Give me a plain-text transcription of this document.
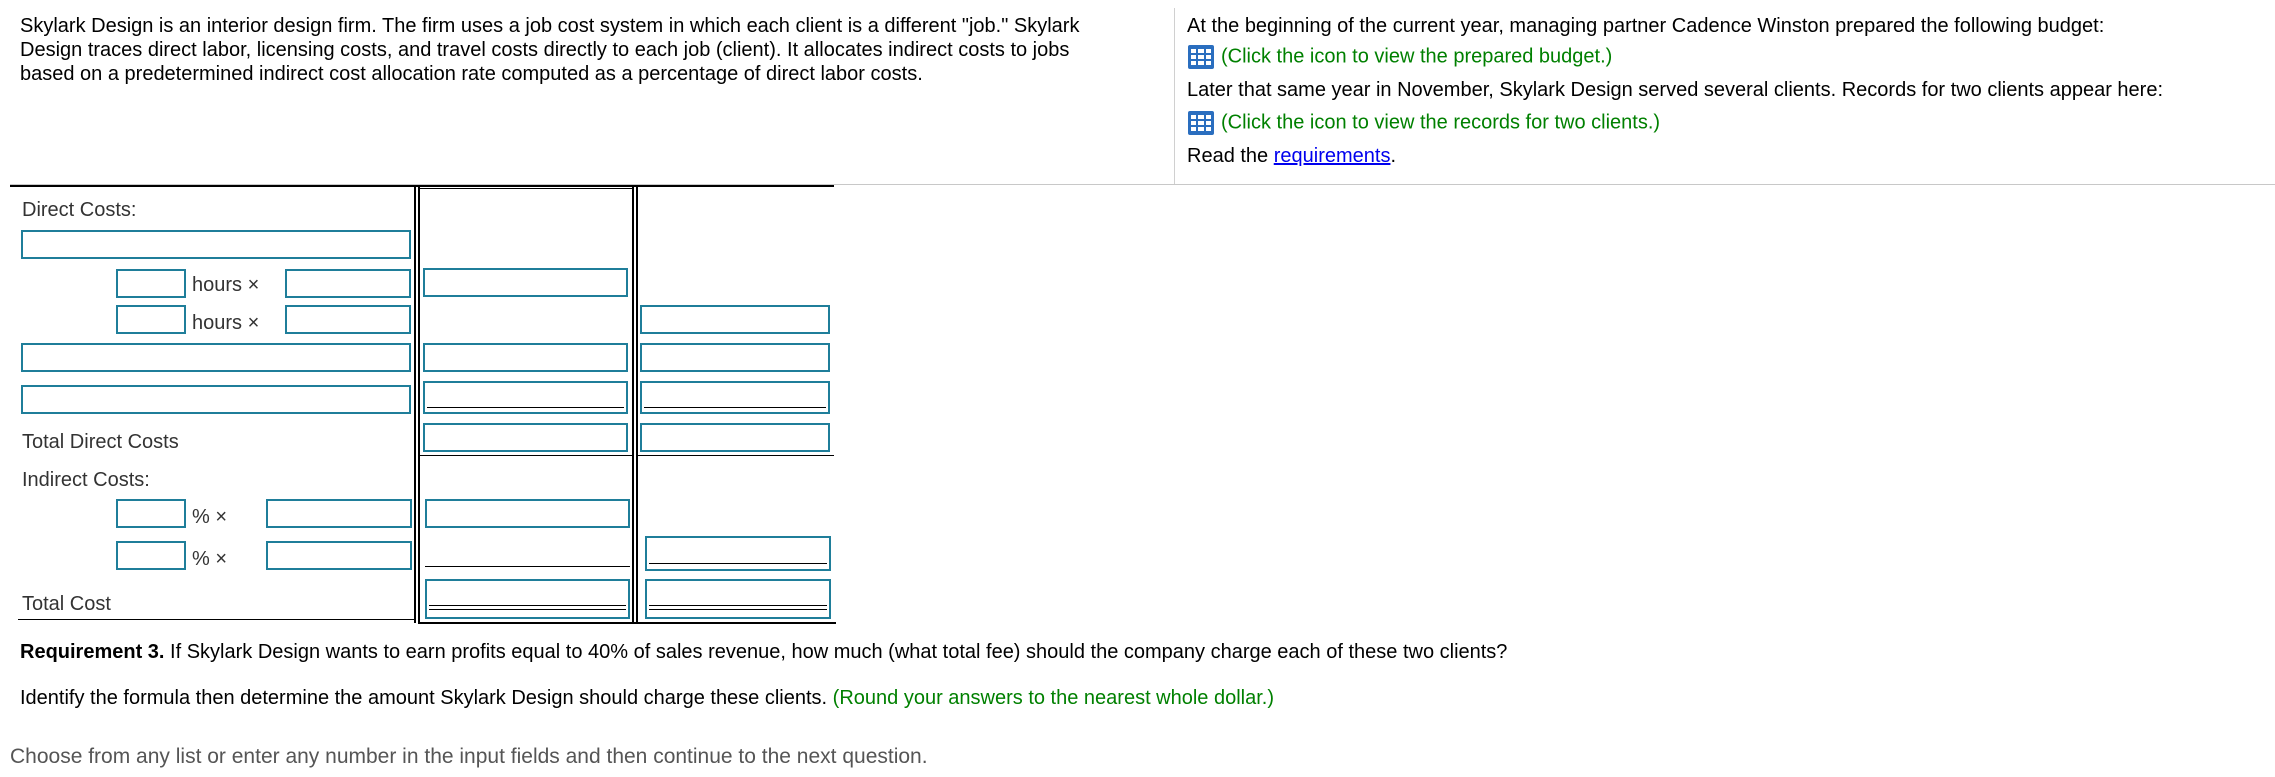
Skylark Design is an interior design firm. The firm uses a job cost system in which each client is a different "job." Skylark
Design traces direct labor, licensing costs, and travel costs directly to each job (client). It allocates indirect costs to jobs
based on a predetermined indirect cost allocation rate computed as a percentage of direct labor costs.
At the beginning of the current year, managing partner Cadence Winston prepared the following budget:
(Click the icon to view the prepared budget.)
Later that same year in November, Skylark Design served several clients. Records for two clients appear here:
(Click the icon to view the records for two clients.)
Read the requirements.
Direct Costs:
hours ×
hours ×
Total Direct Costs
Indirect Costs:
% ×
% ×
Total Cost
Requirement 3. If Skylark Design wants to earn profits equal to 40% of sales revenue, how much (what total fee) should the company charge each of these two clients?
Identify the formula then determine the amount Skylark Design should charge these clients. (Round your answers to the nearest whole dollar.)
Choose from any list or enter any number in the input fields and then continue to the next question.
